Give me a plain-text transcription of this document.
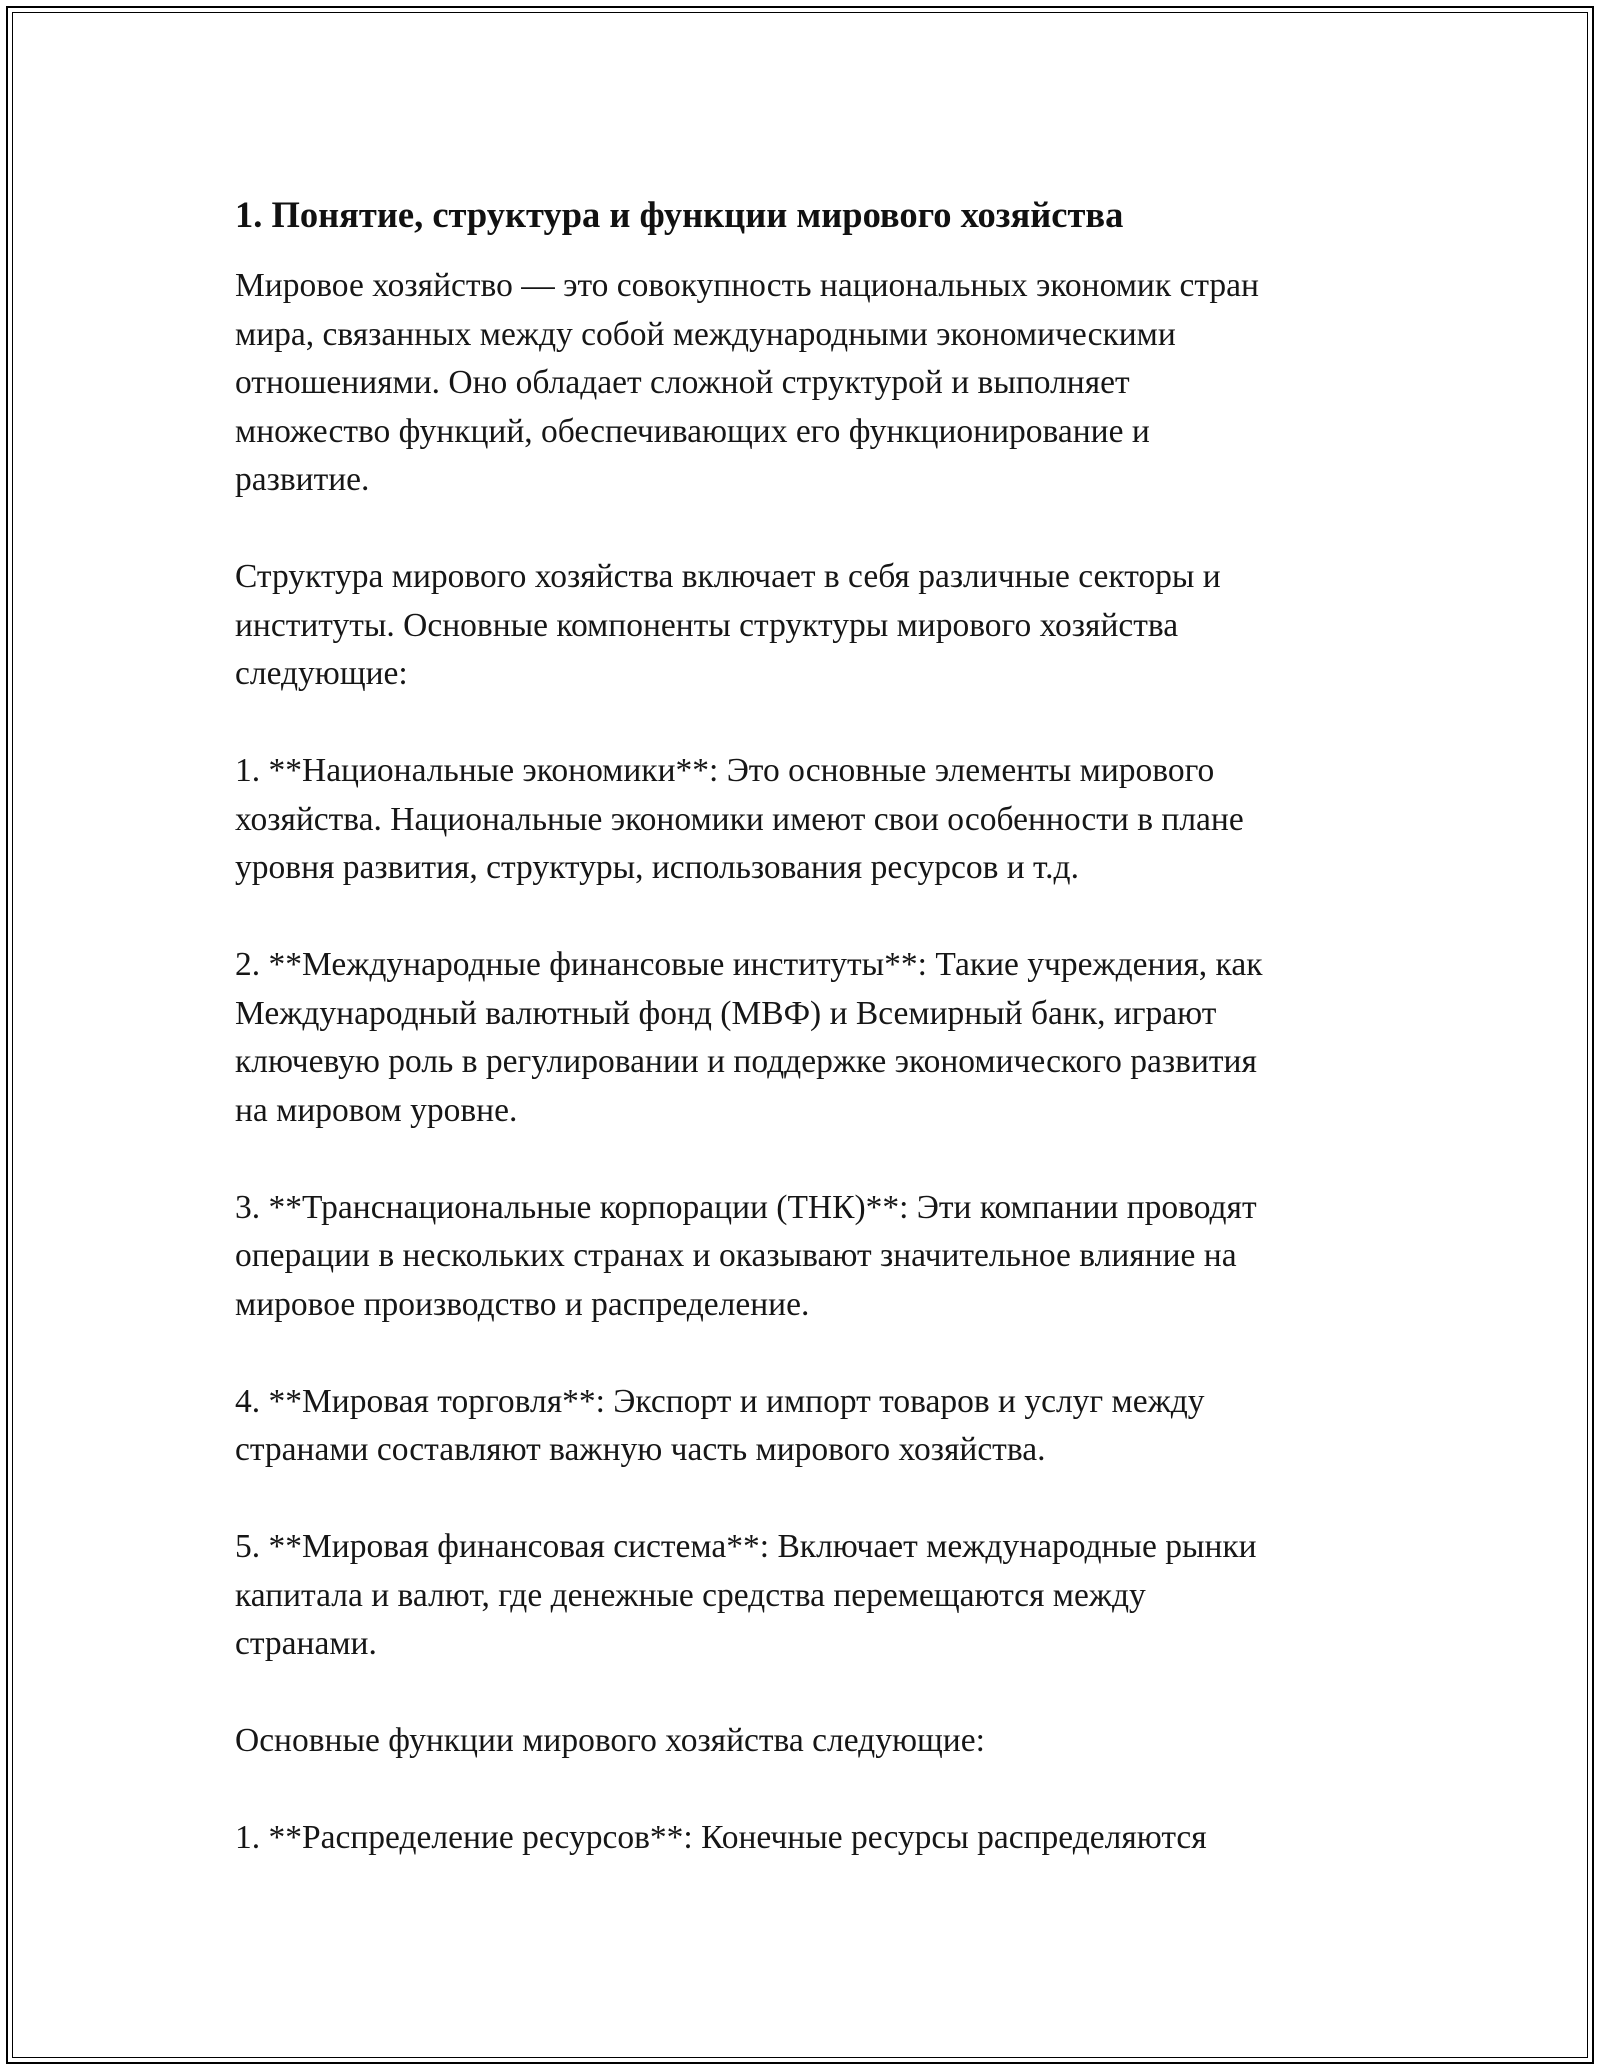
1. Понятие, структура и функции мирового хозяйства

Мировое хозяйство — это совокупность национальных экономик стран
мира, связанных между собой международными экономическими
отношениями. Оно обладает сложной структурой и выполняет
множество функций, обеспечивающих его функционирование и
развитие.

Структура мирового хозяйства включает в себя различные секторы и
институты. Основные компоненты структуры мирового хозяйства
следующие:

1. **Национальные экономики**: Это основные элементы мирового
хозяйства. Национальные экономики имеют свои особенности в плане
уровня развития, структуры, использования ресурсов и т.д.

2. **Международные финансовые институты**: Такие учреждения, как
Международный валютный фонд (МВФ) и Всемирный банк, играют
ключевую роль в регулировании и поддержке экономического развития
на мировом уровне.

3. **Транснациональные корпорации (ТНК)**: Эти компании проводят
операции в нескольких странах и оказывают значительное влияние на
мировое производство и распределение.

4. **Мировая торговля**: Экспорт и импорт товаров и услуг между
странами составляют важную часть мирового хозяйства.

5. **Мировая финансовая система**: Включает международные рынки
капитала и валют, где денежные средства перемещаются между
странами.

Основные функции мирового хозяйства следующие:

1. **Распределение ресурсов**: Конечные ресурсы распределяются
